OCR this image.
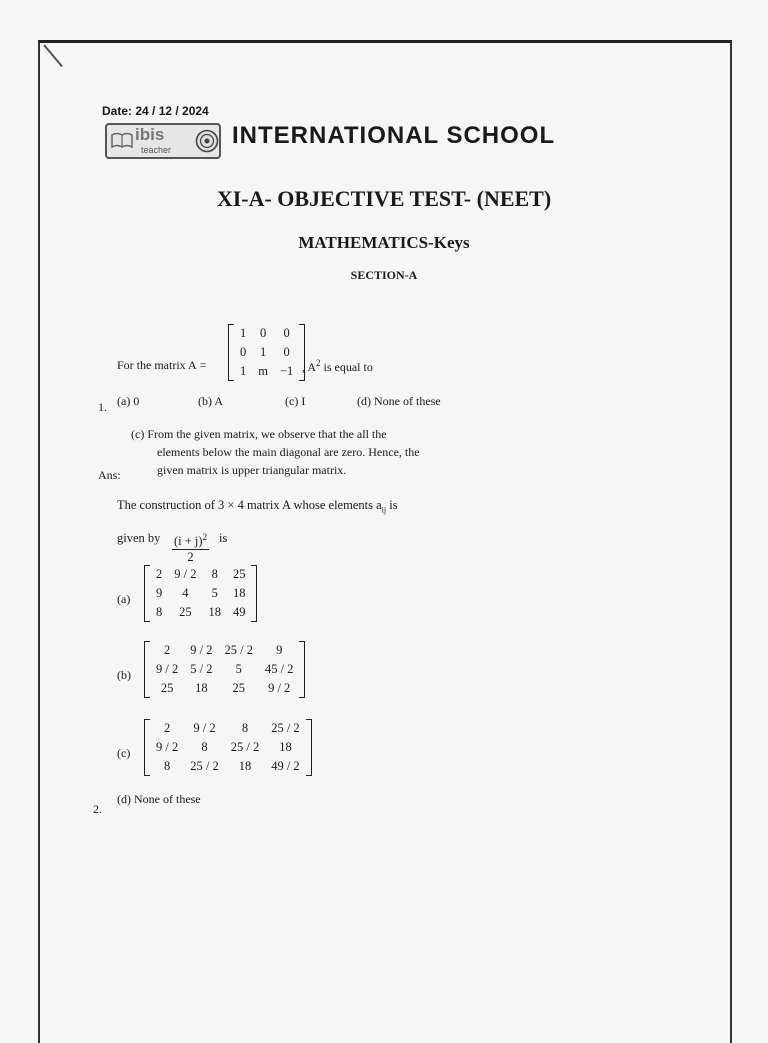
Date: 24 / 12 / 2024
ibis
teacher
INTERNATIONAL SCHOOL
XI-A- OBJECTIVE TEST- (NEET)
MATHEMATICS-Keys
SECTION-A
For the matrix A =
1	0	0
0	1	0
1	m	−1 , $A^2$ is equal to
1. (a) 0	(b) A	(c) I	(d) None of these
(c) From the given matrix, we observe that the all the
elements below the main diagonal are zero. Hence, the
given matrix is upper triangular matrix.
Ans:
The construction of 3 × 4 matrix A whose elements $a_{ij}$ is
given by $\frac{(i + j)^2}{2}$ is
(a)
2	9 / 2	8	25
9	4	5	18
8	25	18	49
(b)
2	9 / 2	25 / 2	9
9 / 2	5 / 2	5	45 / 2
25	18	25	9 / 2
(c)
2	9 / 2	8	25 / 2
9 / 2	8	25 / 2	18
8	25 / 2	18	49 / 2
(d) None of these
2.
